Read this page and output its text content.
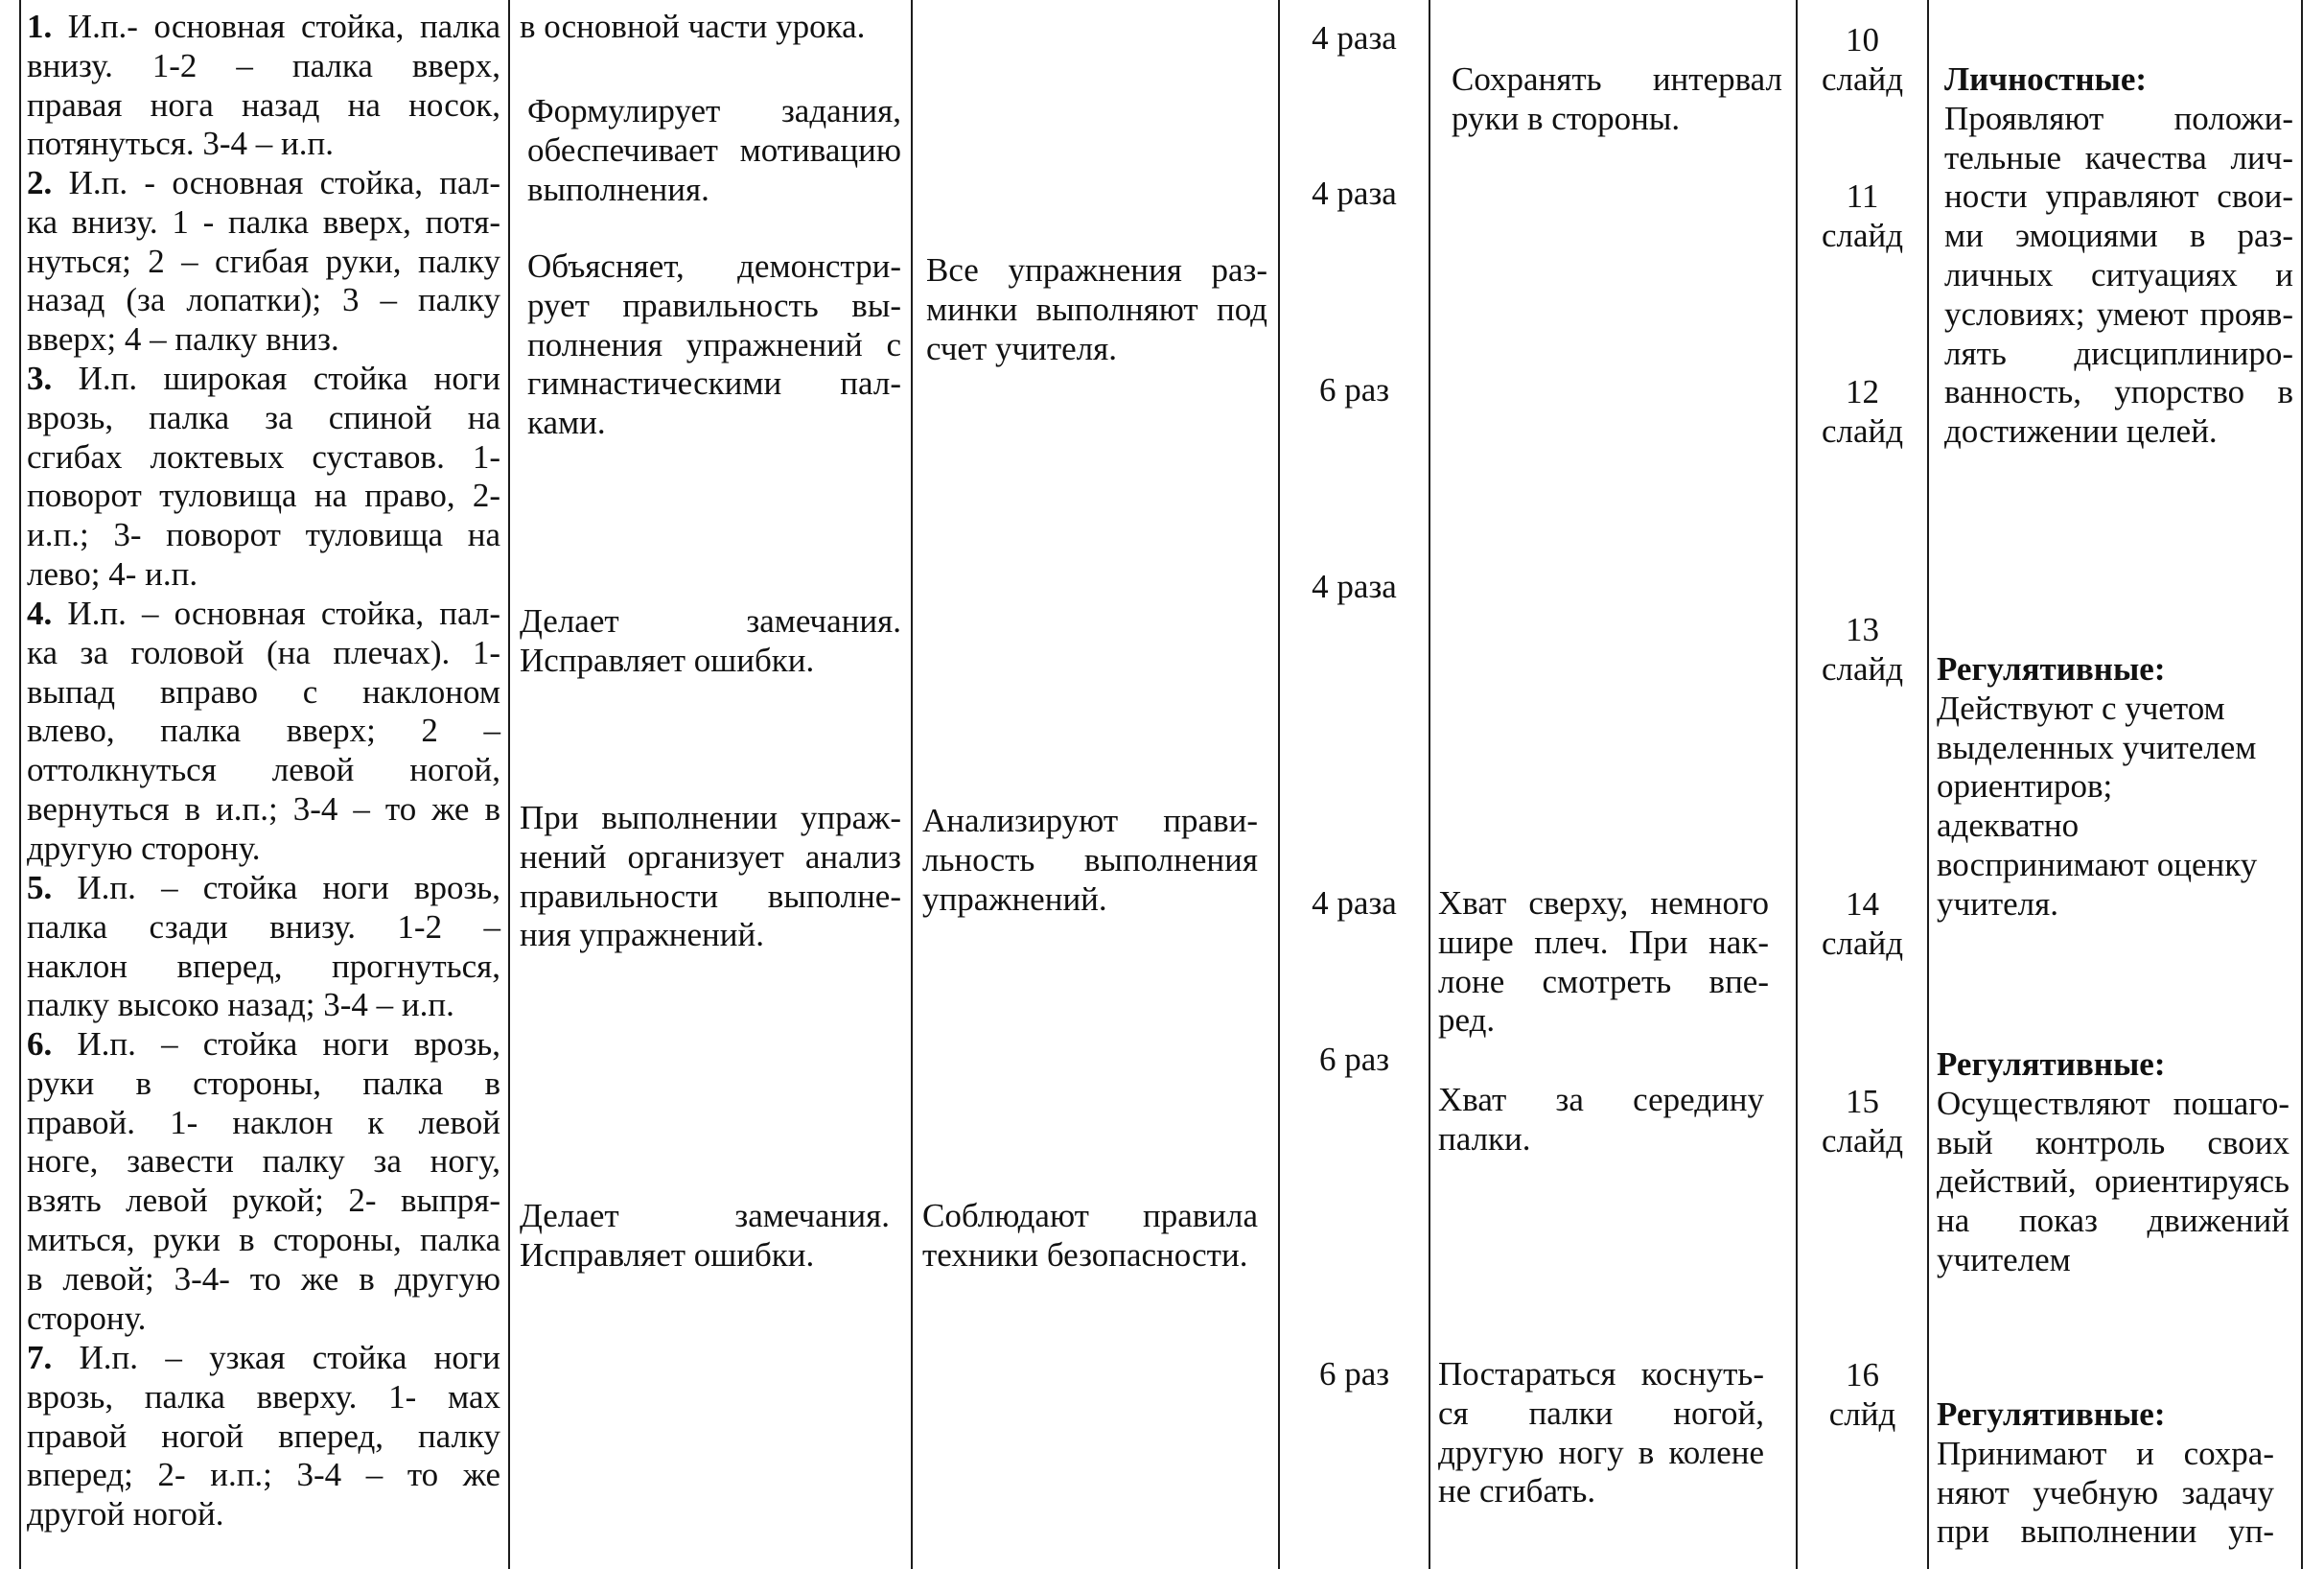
1. И.п.- основная стойка, палка
внизу. 1-2 – палка вверх,
правая нога назад на носок,
потянуться. 3-4 – и.п.
2. И.п. - основная стойка, пал-
ка внизу. 1 - палка вверх, потя-
нуться; 2 – сгибая руки, палку
назад (за лопатки); 3 – палку
вверх; 4 – палку вниз.
3. И.п. широкая стойка ноги
врозь, палка за спиной на
сгибах локтевых суставов. 1-
поворот туловища на право, 2-
и.п.; 3- поворот туловища на
лево; 4- и.п.
4. И.п. – основная стойка, пал-
ка за головой (на плечах). 1-
выпад вправо с наклоном
влево, палка вверх; 2 –
оттолкнуться левой ногой,
вернуться в и.п.; 3-4 – то же в
другую сторону.
5. И.п. – стойка ноги врозь,
палка сзади внизу. 1-2 –
наклон вперед, прогнуться,
палку высоко назад; 3-4 – и.п.
6. И.п. – стойка ноги врозь,
руки в стороны, палка в
правой. 1- наклон к левой
ноге, завести палку за ногу,
взять левой рукой; 2- выпря-
миться, руки в стороны, палка
в левой; 3-4- то же в другую
сторону.
7. И.п. – узкая стойка ноги
врозь, палка вверху. 1- мах
правой ногой вперед, палку
вперед; 2- и.п.; 3-4 – то же
другой ногой.
в основной части урока.
Формулирует задания,
обеспечивает мотивацию
выполнения.
Объясняет, демонстри-
рует правильность вы-
полнения упражнений с
гимнастическими пал-
ками.
Делает замечания.
Исправляет ошибки.
При выполнении упраж-
нений организует анализ
правильности выполне-
ния упражнений.
Делает замечания.
Исправляет ошибки.
Все упражнения раз-
минки выполняют под
счет учителя.
Анализируют прави-
льность выполнения
упражнений.
Соблюдают правила
техники безопасности.
4 раза
4 раза
6 раз
4 раза
4 раза
6 раз
6 раз
Сохранять интервал
руки в стороны.
Хват сверху, немного
шире плеч. При нак-
лоне смотреть впе-
ред.
Хват за середину
палки.
Постараться коснуть-
ся палки ногой,
другую ногу в колене
не сгибать.
10
слайд
11
слайд
12
слайд
13
слайд
14
слайд
15
слайд
16
слйд
Личностные:
Проявляют положи-
тельные качества лич-
ности управляют свои-
ми эмоциями в раз-
личных ситуациях и
условиях; умеют прояв-
лять дисциплиниро-
ванность, упорство в
достижении целей.
Регулятивные:
Действуют с учетом
выделенных учителем
ориентиров; адекватно
воспринимают оценку
учителя.
Регулятивные:
Осуществляют пошаго-
вый контроль своих
действий, ориентируясь
на показ движений
учителем
Регулятивные:
Принимают и сохра-
няют учебную задачу
при выполнении уп-
